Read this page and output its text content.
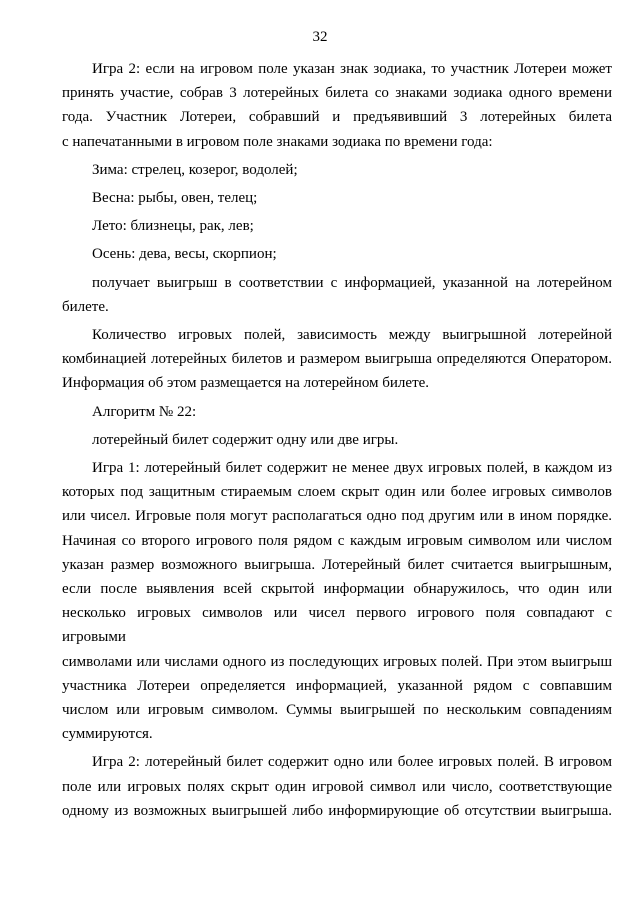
32
Игра 2: если на игровом поле указан знак зодиака, то участник Лотереи может
принять участие, собрав 3 лотерейных билета со знаками зодиака одного времени
года. Участник Лотереи, собравший и предъявивший 3 лотерейных билета
с напечатанными в игровом поле знаками зодиака по времени года:
Зима: стрелец, козерог, водолей;
Весна: рыбы, овен, телец;
Лето: близнецы, рак, лев;
Осень: дева, весы, скорпион;
получает выигрыш в соответствии с информацией, указанной на лотерейном
билете.
Количество игровых полей, зависимость между выигрышной лотерейной
комбинацией лотерейных билетов и размером выигрыша определяются Оператором.
Информация об этом размещается на лотерейном билете.
Алгоритм № 22:
лотерейный билет содержит одну или две игры.
Игра 1: лотерейный билет содержит не менее двух игровых полей, в каждом из
которых под защитным стираемым слоем скрыт один или более игровых символов
или чисел. Игровые поля могут располагаться одно под другим или в ином порядке.
Начиная со второго игрового поля рядом с каждым игровым символом или числом
указан размер возможного выигрыша. Лотерейный билет считается выигрышным,
если после выявления всей скрытой информации обнаружилось, что один или
несколько игровых символов или чисел первого игрового поля совпадают с игровыми
символами или числами одного из последующих игровых полей. При этом выигрыш
участника Лотереи определяется информацией, указанной рядом с совпавшим
числом или игровым символом. Суммы выигрышей по нескольким совпадениям
суммируются.
Игра 2: лотерейный билет содержит одно или более игровых полей. В игровом
поле или игровых полях скрыт один игровой символ или число, соответствующие
одному из возможных выигрышей либо информирующие об отсутствии выигрыша.
